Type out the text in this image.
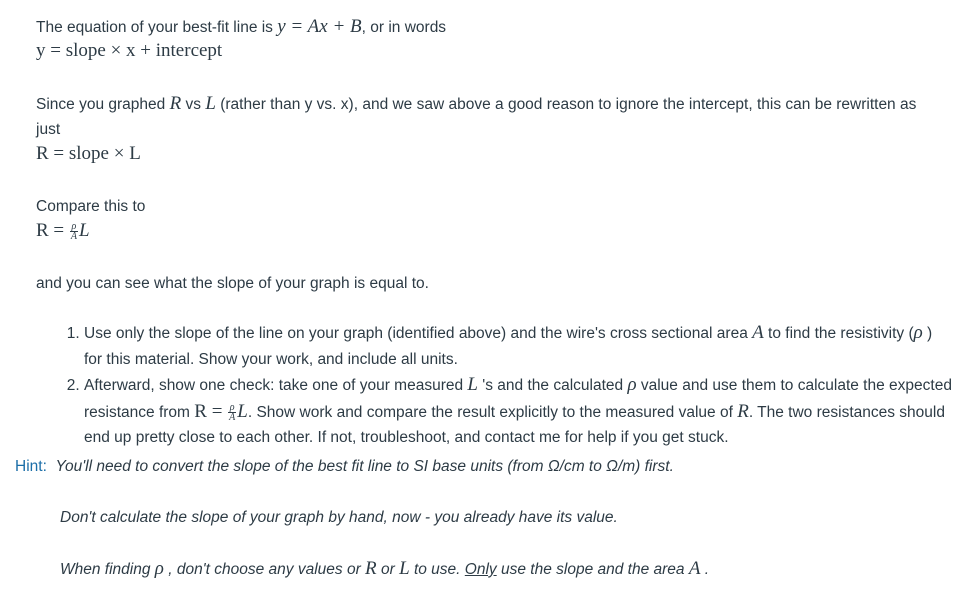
The equation of your best-fit line is y = Ax + B, or in words

y = slope × x + intercept

Since you graphed R vs L (rather than y vs. x), and we saw above a good reason to ignore the intercept, this can be rewritten as just

R = slope × L

Compare this to

$R = \frac{\rho}{A}$ L

and you can see what the slope of your graph is equal to.

1. Use only the slope of the line on your graph (identified above) and the wire's cross sectional area A to find the resistivity (ρ ) for this material. Show your work, and include all units.
2. Afterward, show one check: take one of your measured L 's and the calculated ρ value and use them to calculate the expected resistance from $R = \frac{\rho}{A} L$. Show work and compare the result explicitly to the measured value of R. The two resistances should end up pretty close to each other. If not, troubleshoot, and contact me for help if you get stuck.
Hint: You'll need to convert the slope of the best fit line to SI base units (from Ω/cm to Ω/m) first.
Don't calculate the slope of your graph by hand, now - you already have its value.
When finding ρ , don't choose any values or R or L to use. Only use the slope and the area A .
